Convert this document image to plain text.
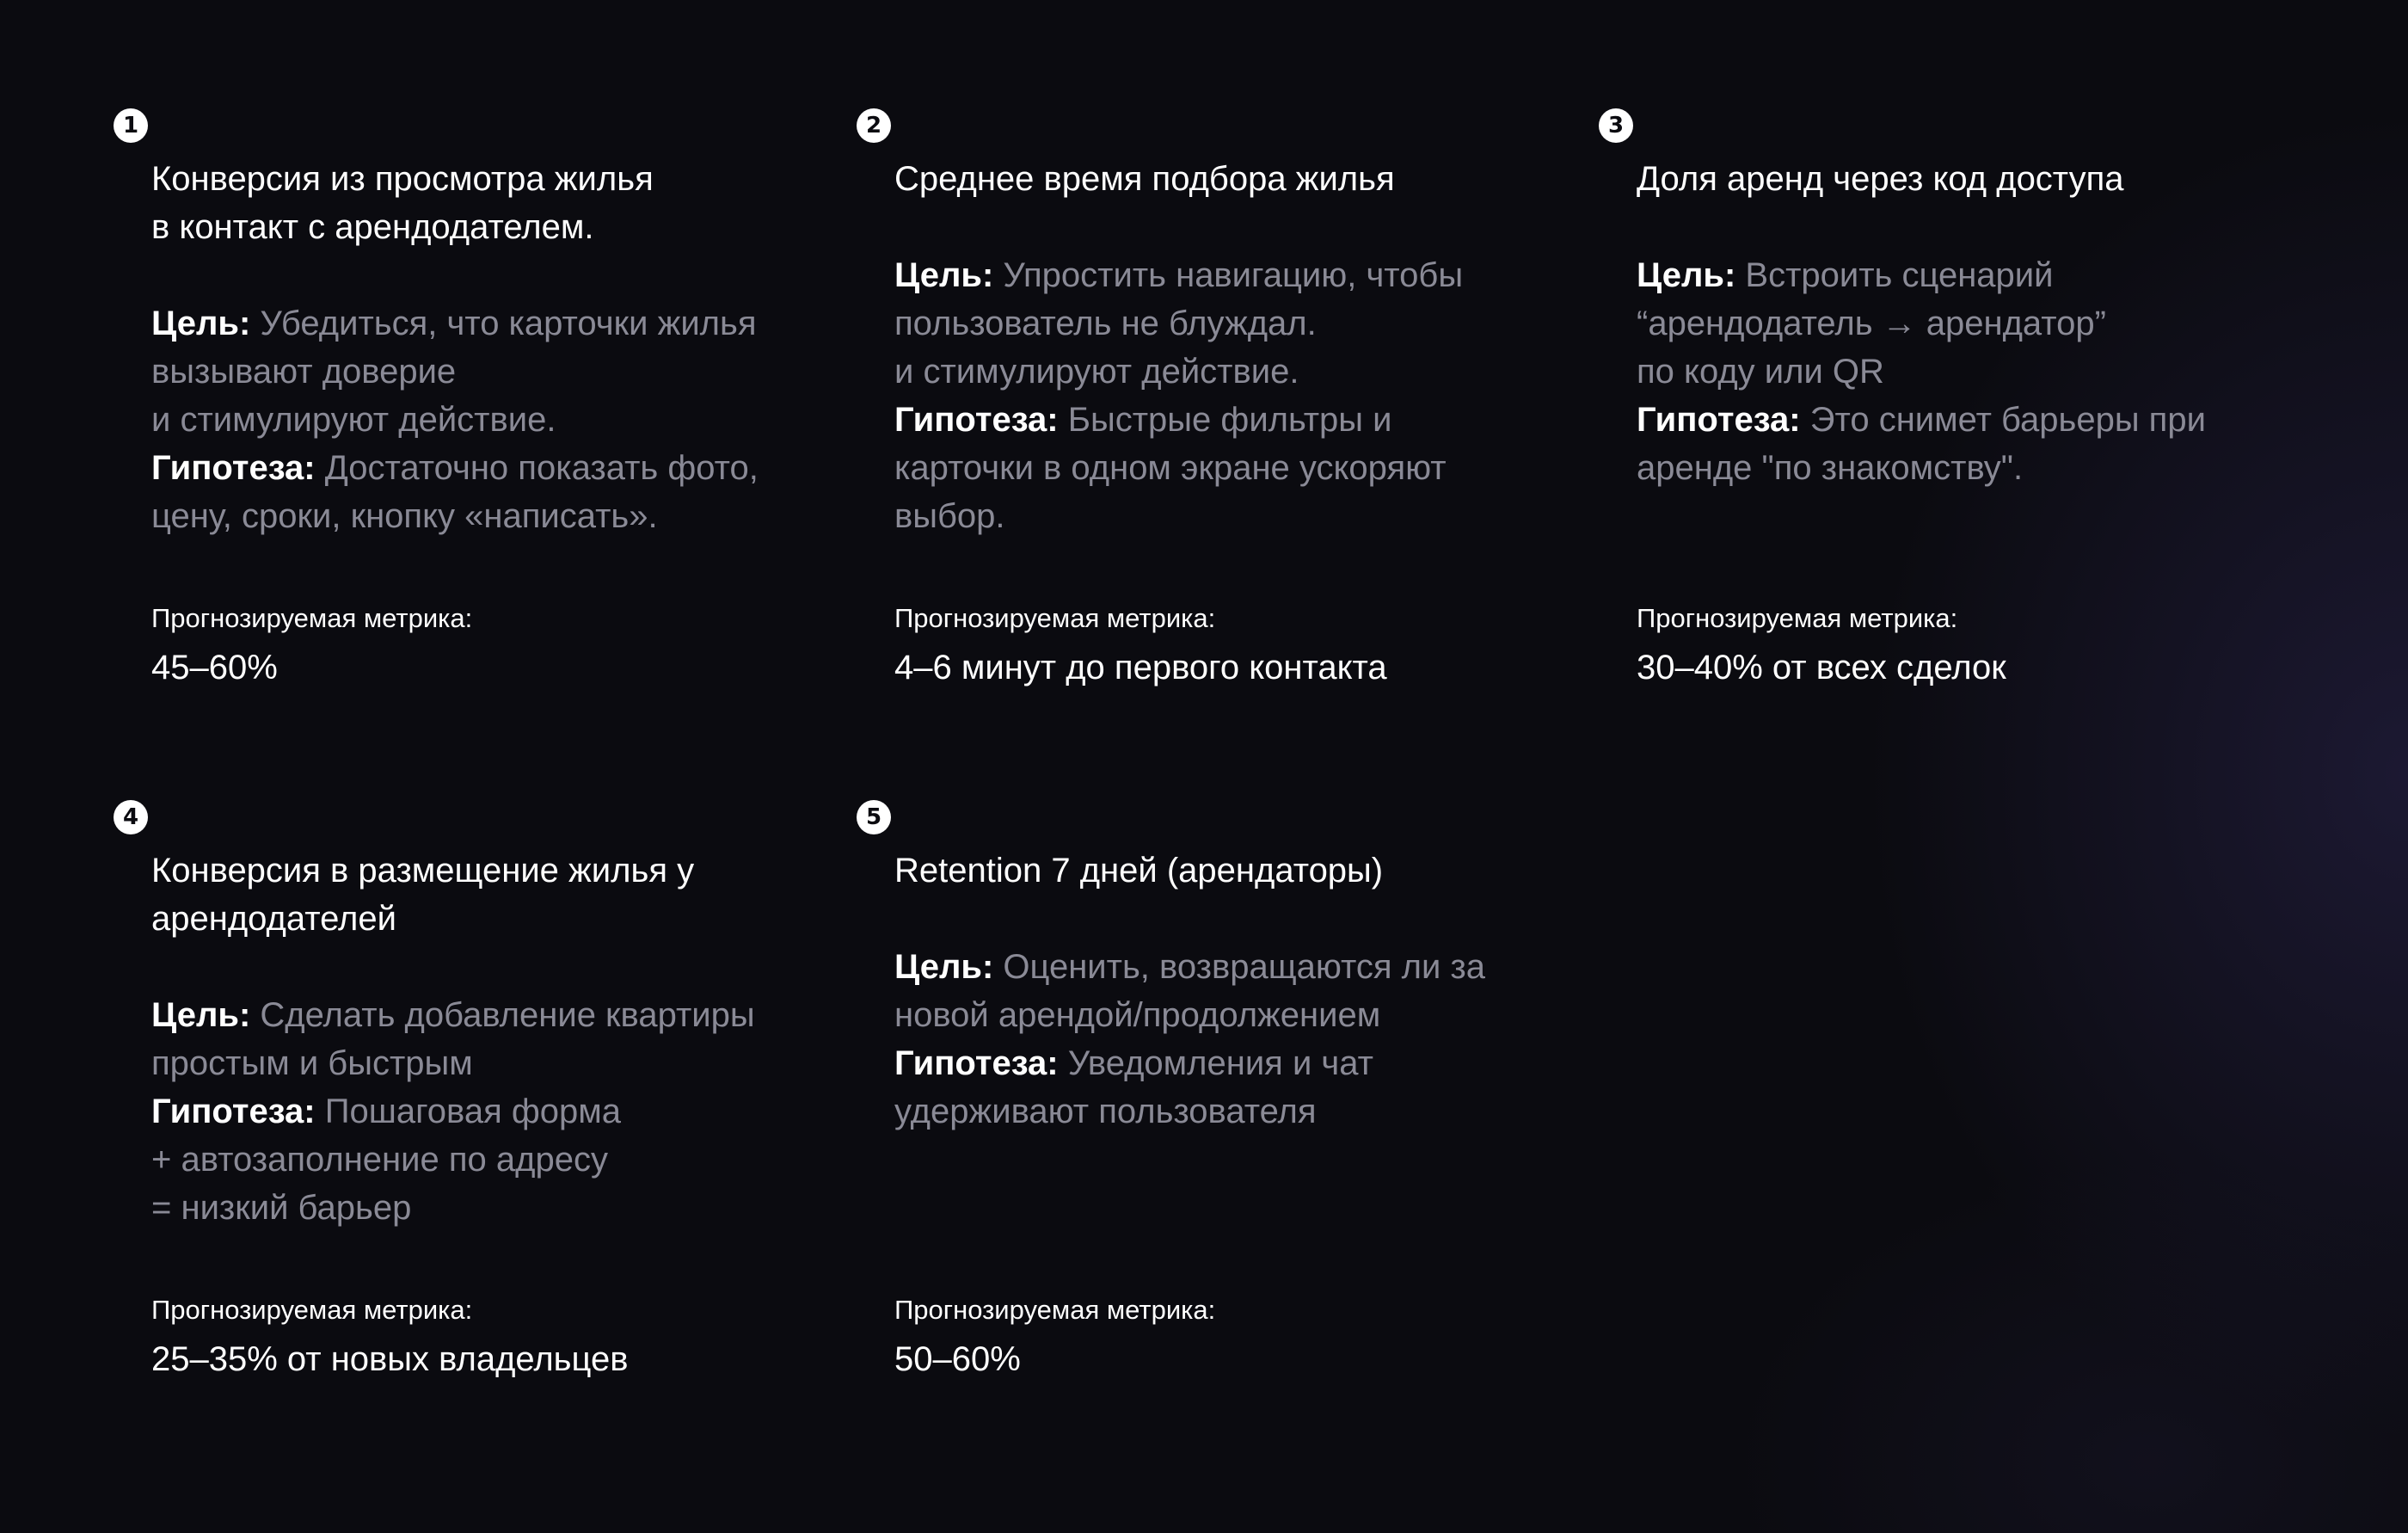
1
Конверсия из просмотра жилья
в контакт с арендодателем.
Цель: Убедиться, что карточки жилья
вызывают доверие
и стимулируют действие.
Гипотеза: Достаточно показать фото,
цену, сроки, кнопку «написать».
Прогнозируемая метрика:
45–60%
2
Среднее время подбора жилья
Цель: Упростить навигацию, чтобы
пользователь не блуждал.
и стимулируют действие.
Гипотеза: Быстрые фильтры и
карточки в одном экране ускоряют
выбор.
Прогнозируемая метрика:
4–6 минут до первого контакта
3
Доля аренд через код доступа
Цель: Встроить сценарий
“арендодатель → арендатор”
по коду или QR
Гипотеза: Это снимет барьеры при
аренде "по знакомству".
Прогнозируемая метрика:
30–40% от всех сделок
4
Конверсия в размещение жилья у
арендодателей
Цель: Сделать добавление квартиры
простым и быстрым
Гипотеза: Пошаговая форма
+ автозаполнение по адресу
= низкий барьер
Прогнозируемая метрика:
25–35% от новых владельцев
5
Retention 7 дней (арендаторы)
Цель: Оценить, возвращаются ли за
новой арендой/продолжением
Гипотеза: Уведомления и чат
удерживают пользователя
Прогнозируемая метрика:
50–60%
